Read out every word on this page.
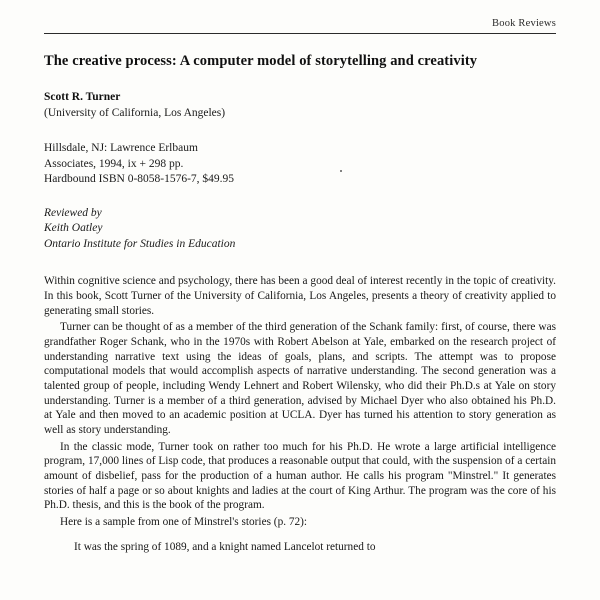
Book Reviews
The creative process: A computer model of storytelling and creativity
Scott R. Turner
(University of California, Los Angeles)
Hillsdale, NJ: Lawrence Erlbaum
Associates, 1994, ix + 298 pp.
Hardbound ISBN 0-8058-1576-7, $49.95
Reviewed by
Keith Oatley
Ontario Institute for Studies in Education

Within cognitive science and psychology, there has been a good deal of interest recently in the topic of creativity. In this book, Scott Turner of the University of California, Los Angeles, presents a theory of creativity applied to generating small stories.

Turner can be thought of as a member of the third generation of the Schank family: first, of course, there was grandfather Roger Schank, who in the 1970s with Robert Abelson at Yale, embarked on the research project of understanding narrative text using the ideas of goals, plans, and scripts. The attempt was to propose computational models that would accomplish aspects of narrative understanding. The second generation was a talented group of people, including Wendy Lehnert and Robert Wilensky, who did their Ph.D.s at Yale on story understanding. Turner is a member of a third generation, advised by Michael Dyer who also obtained his Ph.D. at Yale and then moved to an academic position at UCLA. Dyer has turned his attention to story generation as well as story understanding.

In the classic mode, Turner took on rather too much for his Ph.D. He wrote a large artificial intelligence program, 17,000 lines of Lisp code, that produces a reasonable output that could, with the suspension of a certain amount of disbelief, pass for the production of a human author. He calls his program "Minstrel." It generates stories of half a page or so about knights and ladies at the court of King Arthur. The program was the core of his Ph.D. thesis, and this is the book of the program.

Here is a sample from one of Minstrel's stories (p. 72):

It was the spring of 1089, and a knight named Lancelot returned to
